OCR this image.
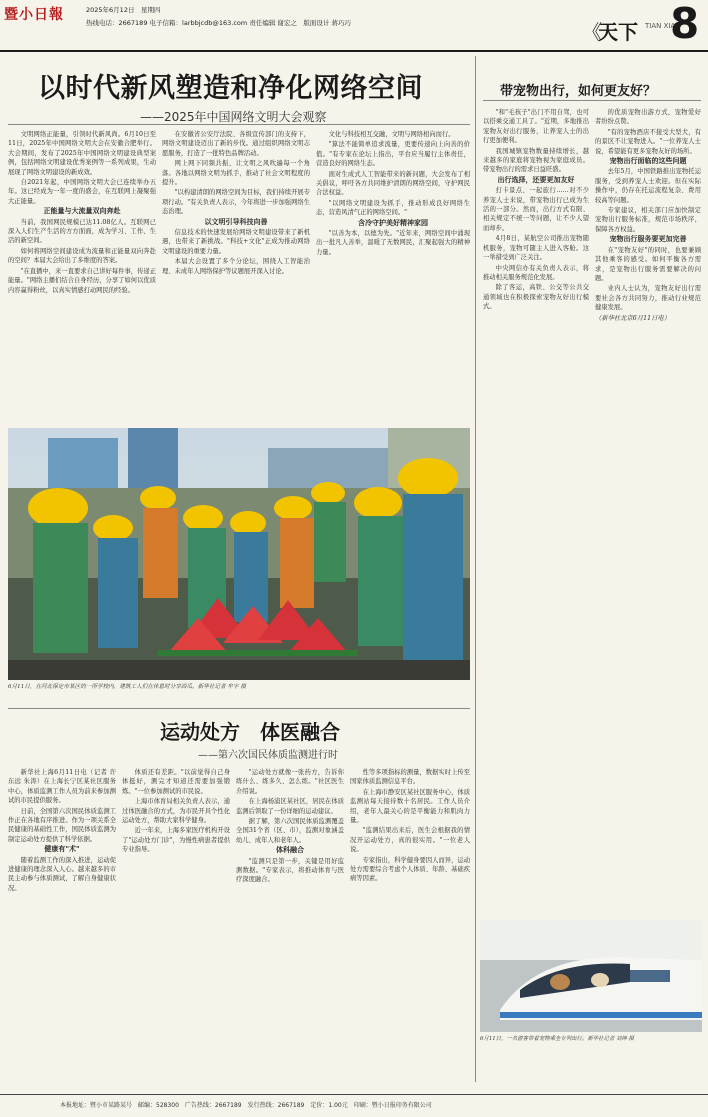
暨小日報	2025年6月12日　星期四
热线电话：2667189 电子信箱：larbbjcdb@163.com 责任编辑 谢宏之　版面设计 蒋巧巧	《
天下 TIAN XIA
8
以时代新风塑造和净化网络空间
——2025年中国网络文明大会观察

文明网络正能量，引领时代新风尚。6月10日至11日，2025年中国网络文明大会在安徽合肥举行。大会期间，发布了2025年中国网络文明建设典型案例，包括网络文明建设优秀案例等一系列成果，生动展现了网络文明建设的新成效。

自2021年起，中国网络文明大会已连续举办五年。这已经成为一年一度的盛会，在互联网上凝聚强大正能量。

正能量与大流量双向奔赴

当前，我国网民规模已达11.08亿人。互联网已深入人们生产生活的方方面面，成为学习、工作、生活的新空间。

如何将网络空间建设成为流量和正能量双向奔赴的空间？本届大会给出了多维度的答案。

"在直播中，来一直要求自己讲好每件事，传递正能量。"网络主播们结合自身经历，分享了如何以优质内容赢得粉丝，以真实情感打动网民的经验。

在安徽省公安厅法院、各级宣传部门的支持下，网络文明建设迈出了新的步伐。通过组织网络文明志愿服务，打造了一批特色品牌活动。

网上网下同频共振，让文明之风吹遍每一个角落。各地以网络文明为抓手，推动了社会文明程度的提升。

"以构建清朗的网络空间为目标，我们持续开展专项行动。"有关负责人表示，今年将进一步加强网络生态治理。

以文明引导科技向善

信息技术的快速发展给网络文明建设带来了新机遇，也带来了新挑战。"科技+文化"正成为推动网络文明建设的重要力量。

本届大会设置了多个分论坛，围绕人工智能治理、未成年人网络保护等议题展开深入讨论。

文化与科技相互交融，文明与网络相向而行。

"算法不能简单追求流量，更要传递向上向善的价值。"有专家在论坛上指出，平台应当履行主体责任，营造良好的网络生态。

面对生成式人工智能带来的新问题，大会发布了相关倡议，呼吁各方共同维护清朗的网络空间，守护网民合法权益。

"以网络文明建设为抓手，推动形成良好网络生态，营造风清气正的网络空间。"

含冷守护美好精神家园

"以善为本，以德为先。"近年来，网络空间中涌现出一批凡人善举，温暖了无数网民，汇聚起强大的精神力量。

6月11日，在河北保定市某区的一所学校内，建筑工人们在休息时分享西瓜。新华社记者 牟宇 摄
运动处方　体医融合
——第六次国民体质监测进行时

新华社上海6月11日电（记者 许东远 朱涛）在上海长宁区某社区服务中心，体质监测工作人员为前来参加测试的市民提供服务。

日前，全国第六次国民体质监测工作正在各地有序推进。作为一项关系全民健康的基础性工作，国民体质监测为制定运动处方提供了科学依据。

健康有"术"

随着监测工作的深入推进，运动促进健康的理念深入人心。越来越多的市民主动参与体质测试，了解自身健康状况。

体质还有差距。"以前觉得自己身体挺好，测完才知道还需要加强锻炼。"一位参加测试的市民说。

上海市体育局相关负责人表示，通过体医融合的方式，为市民开具个性化运动处方，帮助大家科学健身。

近一年来，上海多家医疗机构开设了"运动处方门诊"，为慢性病患者提供专业指导。

"运动处方就像一张药方，告诉你练什么、练多久、怎么练。"社区医生介绍说。

在上海杨浦区某社区，居民在体质监测后领取了一份详细的运动建议。

据了解，第六次国民体质监测覆盖全国31个省（区、市），监测对象涵盖幼儿、成年人和老年人。

体科融合

"监测只是第一步，关键是用好监测数据。"专家表示，将推动体育与医疗深度融合。

性等多项指标的测量，数据实时上传至国家体质监测信息平台。

在上海市静安区某社区服务中心，体质监测站每天接待数十名居民。工作人员介绍，老年人最关心的是平衡能力和肌肉力量。

"监测结果出来后，医生会根据我的情况开运动处方，真的很实用。"一位老人说。

专家指出，科学健身要因人而异，运动处方需要综合考虑个人体质、年龄、基础疾病等因素。

带宠物出行，如何更友好？

"和"毛孩子"出门不用自驾，也可以搭乘交通工具了。"近期，多地推出宠物友好出行服务，让养宠人士的出行更加便利。

我国城镇宠物数量持续增长，越来越多的家庭将宠物视为家庭成员。带宠物出行的需求日益旺盛。

出行选择，还要更加友好

打卡景点、一起旅行……对不少养宠人士来说，带宠物出行已成为生活的一部分。然而，出行方式有限、相关规定不统一等问题，让不少人望而却步。

4月8日，某航空公司推出宠物随机服务，宠物可随主人进入客舱。这一举措受到广泛关注。

中央网信办有关负责人表示，将推动相关服务规范化发展。

除了客运，高铁、公交等公共交通领域也在积极探索宠物友好出行模式。

的优质宠物出游方式，宠物爱好者纷纷点赞。

"有的宠物酒店不接受大型犬，有的景区不让宠物进入。"一位养宠人士说，希望能有更多宠物友好的场所。

宠物出行面临的这些问题

去年5月，中国铁路推出宠物托运服务，受到养宠人士欢迎。但在实际操作中，仍存在托运流程复杂、费用较高等问题。

专家建议，相关部门应加快制定宠物出行服务标准，规范市场秩序，保障各方权益。

宠物出行服务要更加完善

在"宠物友好"的同时，也要兼顾其他乘客的感受。如何平衡各方需求，是宠物出行服务需要解决的问题。

业内人士认为，宠物友好出行需要社会各方共同努力，推动行业规范健康发展。

（新华社北京6月11日电）

6月11日，一名游客带着宠物乘坐专列出行。新华社记者 刘坤 摄
本报地址：暨小市某路某号　邮编：528300　广告热线：2667189　发行热线：2667189　定价：1.00元　印刷：暨小日报印务有限公司
